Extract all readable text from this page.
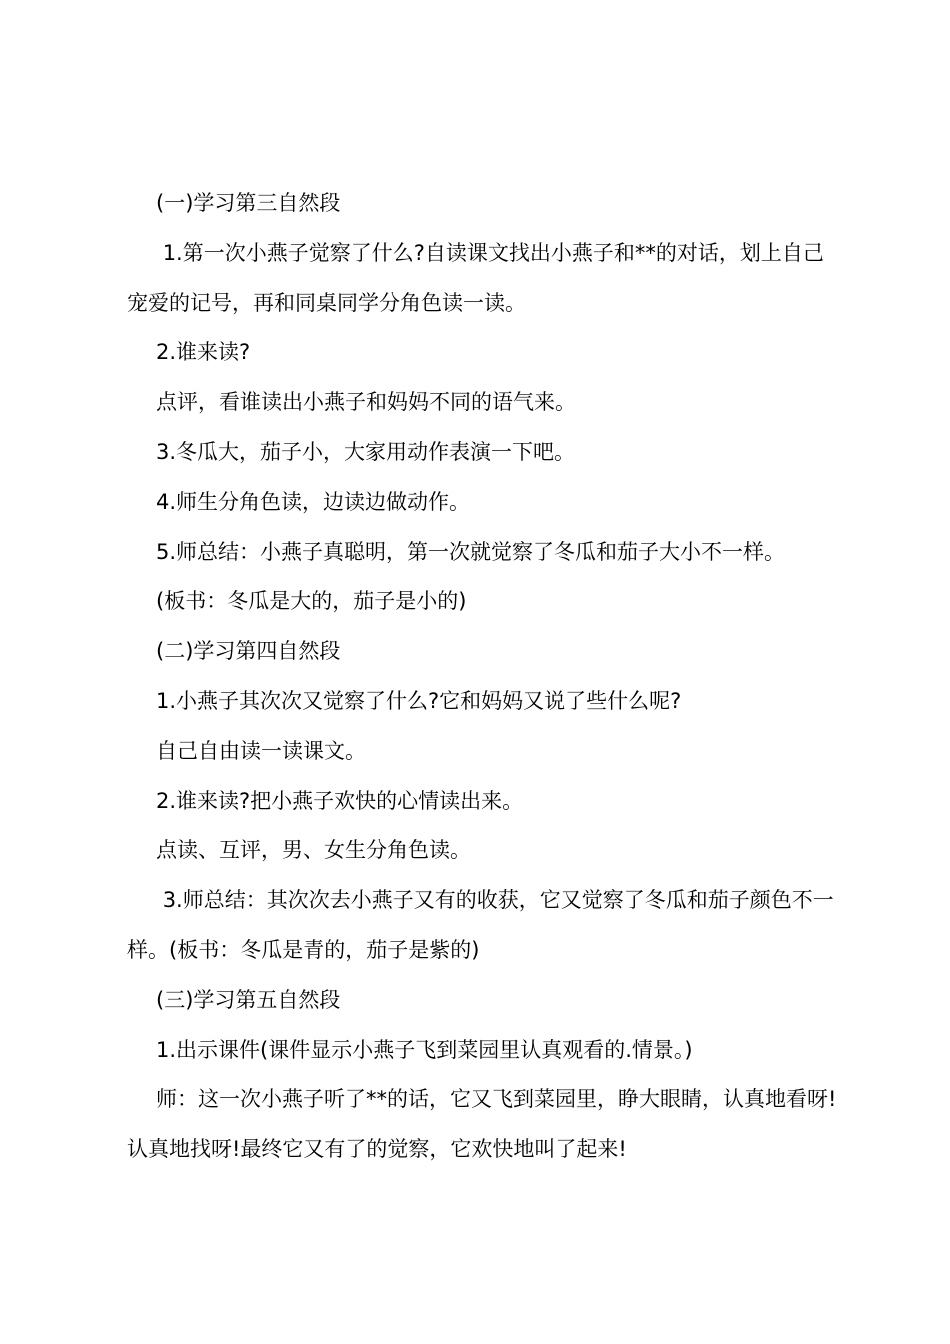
(一)学习第三自然段

1.第一次小燕子觉察了什么?自读课文找出小燕子和**的对话，划上自己宠爱的记号，再和同桌同学分角色读一读。

2.谁来读?

点评，看谁读出小燕子和妈妈不同的语气来。

3.冬瓜大，茄子小，大家用动作表演一下吧。

4.师生分角色读，边读边做动作。

5.师总结：小燕子真聪明，第一次就觉察了冬瓜和茄子大小不一样。

(板书：冬瓜是大的，茄子是小的)

(二)学习第四自然段

1.小燕子其次次又觉察了什么?它和妈妈又说了些什么呢?

自己自由读一读课文。

2.谁来读?把小燕子欢快的心情读出来。

点读、互评，男、女生分角色读。

3.师总结：其次次去小燕子又有的收获，它又觉察了冬瓜和茄子颜色不一样。(板书：冬瓜是青的，茄子是紫的)

(三)学习第五自然段

1.出示课件(课件显示小燕子飞到菜园里认真观看的.情景。)

师：这一次小燕子听了**的话，它又飞到菜园里，睁大眼睛，认真地看呀!认真地找呀!最终它又有了的觉察，它欢快地叫了起来!
